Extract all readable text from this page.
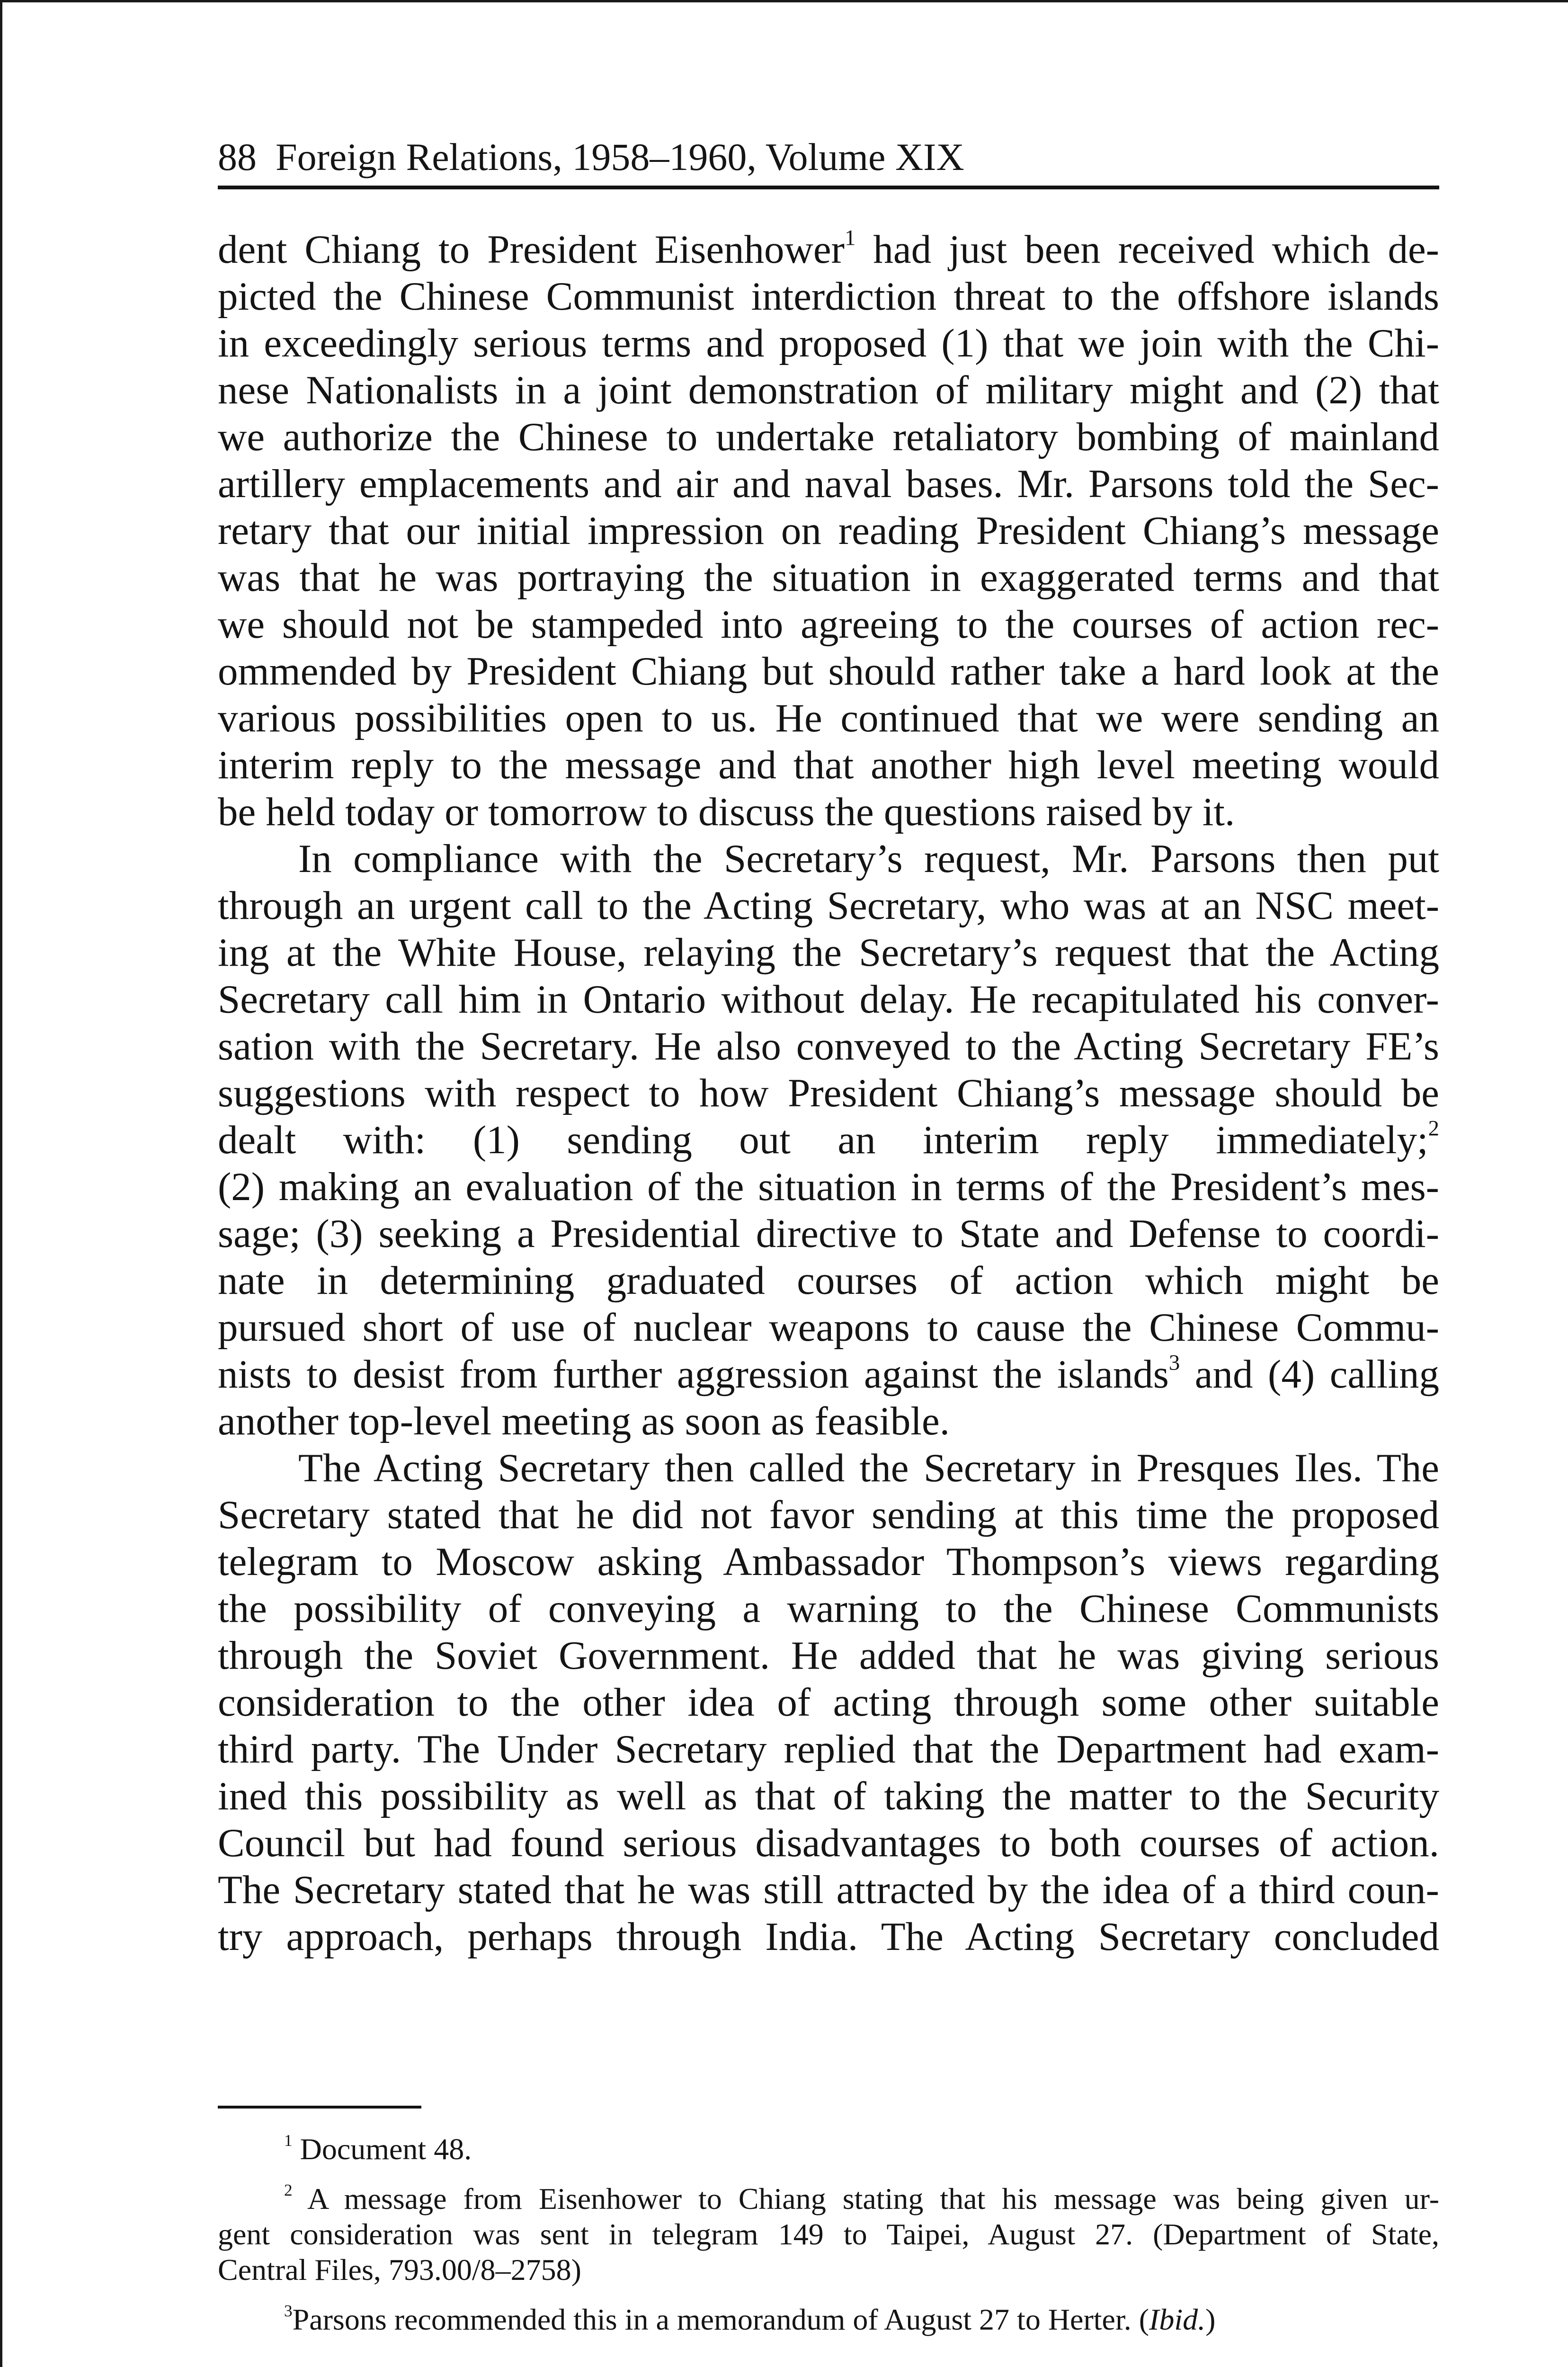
88 Foreign Relations, 1958–1960, Volume XIX

dent Chiang to President Eisenhower$^1$ had just been received which de-
picted the Chinese Communist interdiction threat to the offshore islands
in exceedingly serious terms and proposed (1) that we join with the Chi-
nese Nationalists in a joint demonstration of military might and (2) that
we authorize the Chinese to undertake retaliatory bombing of mainland
artillery emplacements and air and naval bases. Mr. Parsons told the Sec-
retary that our initial impression on reading President Chiang’s message
was that he was portraying the situation in exaggerated terms and that
we should not be stampeded into agreeing to the courses of action rec-
ommended by President Chiang but should rather take a hard look at the
various possibilities open to us. He continued that we were sending an
interim reply to the message and that another high level meeting would
be held today or tomorrow to discuss the questions raised by it.

In compliance with the Secretary’s request, Mr. Parsons then put
through an urgent call to the Acting Secretary, who was at an NSC meet-
ing at the White House, relaying the Secretary’s request that the Acting
Secretary call him in Ontario without delay. He recapitulated his conver-
sation with the Secretary. He also conveyed to the Acting Secretary FE’s
suggestions with respect to how President Chiang’s message should be
dealt with: (1) sending out an interim reply immediately;$^2$
(2) making an evaluation of the situation in terms of the President’s mes-
sage; (3) seeking a Presidential directive to State and Defense to coordi-
nate in determining graduated courses of action which might be
pursued short of use of nuclear weapons to cause the Chinese Commu-
nists to desist from further aggression against the islands$^3$ and (4) calling
another top-level meeting as soon as feasible.

The Acting Secretary then called the Secretary in Presques Iles. The
Secretary stated that he did not favor sending at this time the proposed
telegram to Moscow asking Ambassador Thompson’s views regarding
the possibility of conveying a warning to the Chinese Communists
through the Soviet Government. He added that he was giving serious
consideration to the other idea of acting through some other suitable
third party. The Under Secretary replied that the Department had exam-
ined this possibility as well as that of taking the matter to the Security
Council but had found serious disadvantages to both courses of action.
The Secretary stated that he was still attracted by the idea of a third coun-
try approach, perhaps through India. The Acting Secretary concluded

$^1$ Document 48.

$^2$ A message from Eisenhower to Chiang stating that his message was being given ur-
gent consideration was sent in telegram 149 to Taipei, August 27. (Department of State,
Central Files, 793.00/8–2758)

$^3$Parsons recommended this in a memorandum of August 27 to Herter. (Ibid.)
